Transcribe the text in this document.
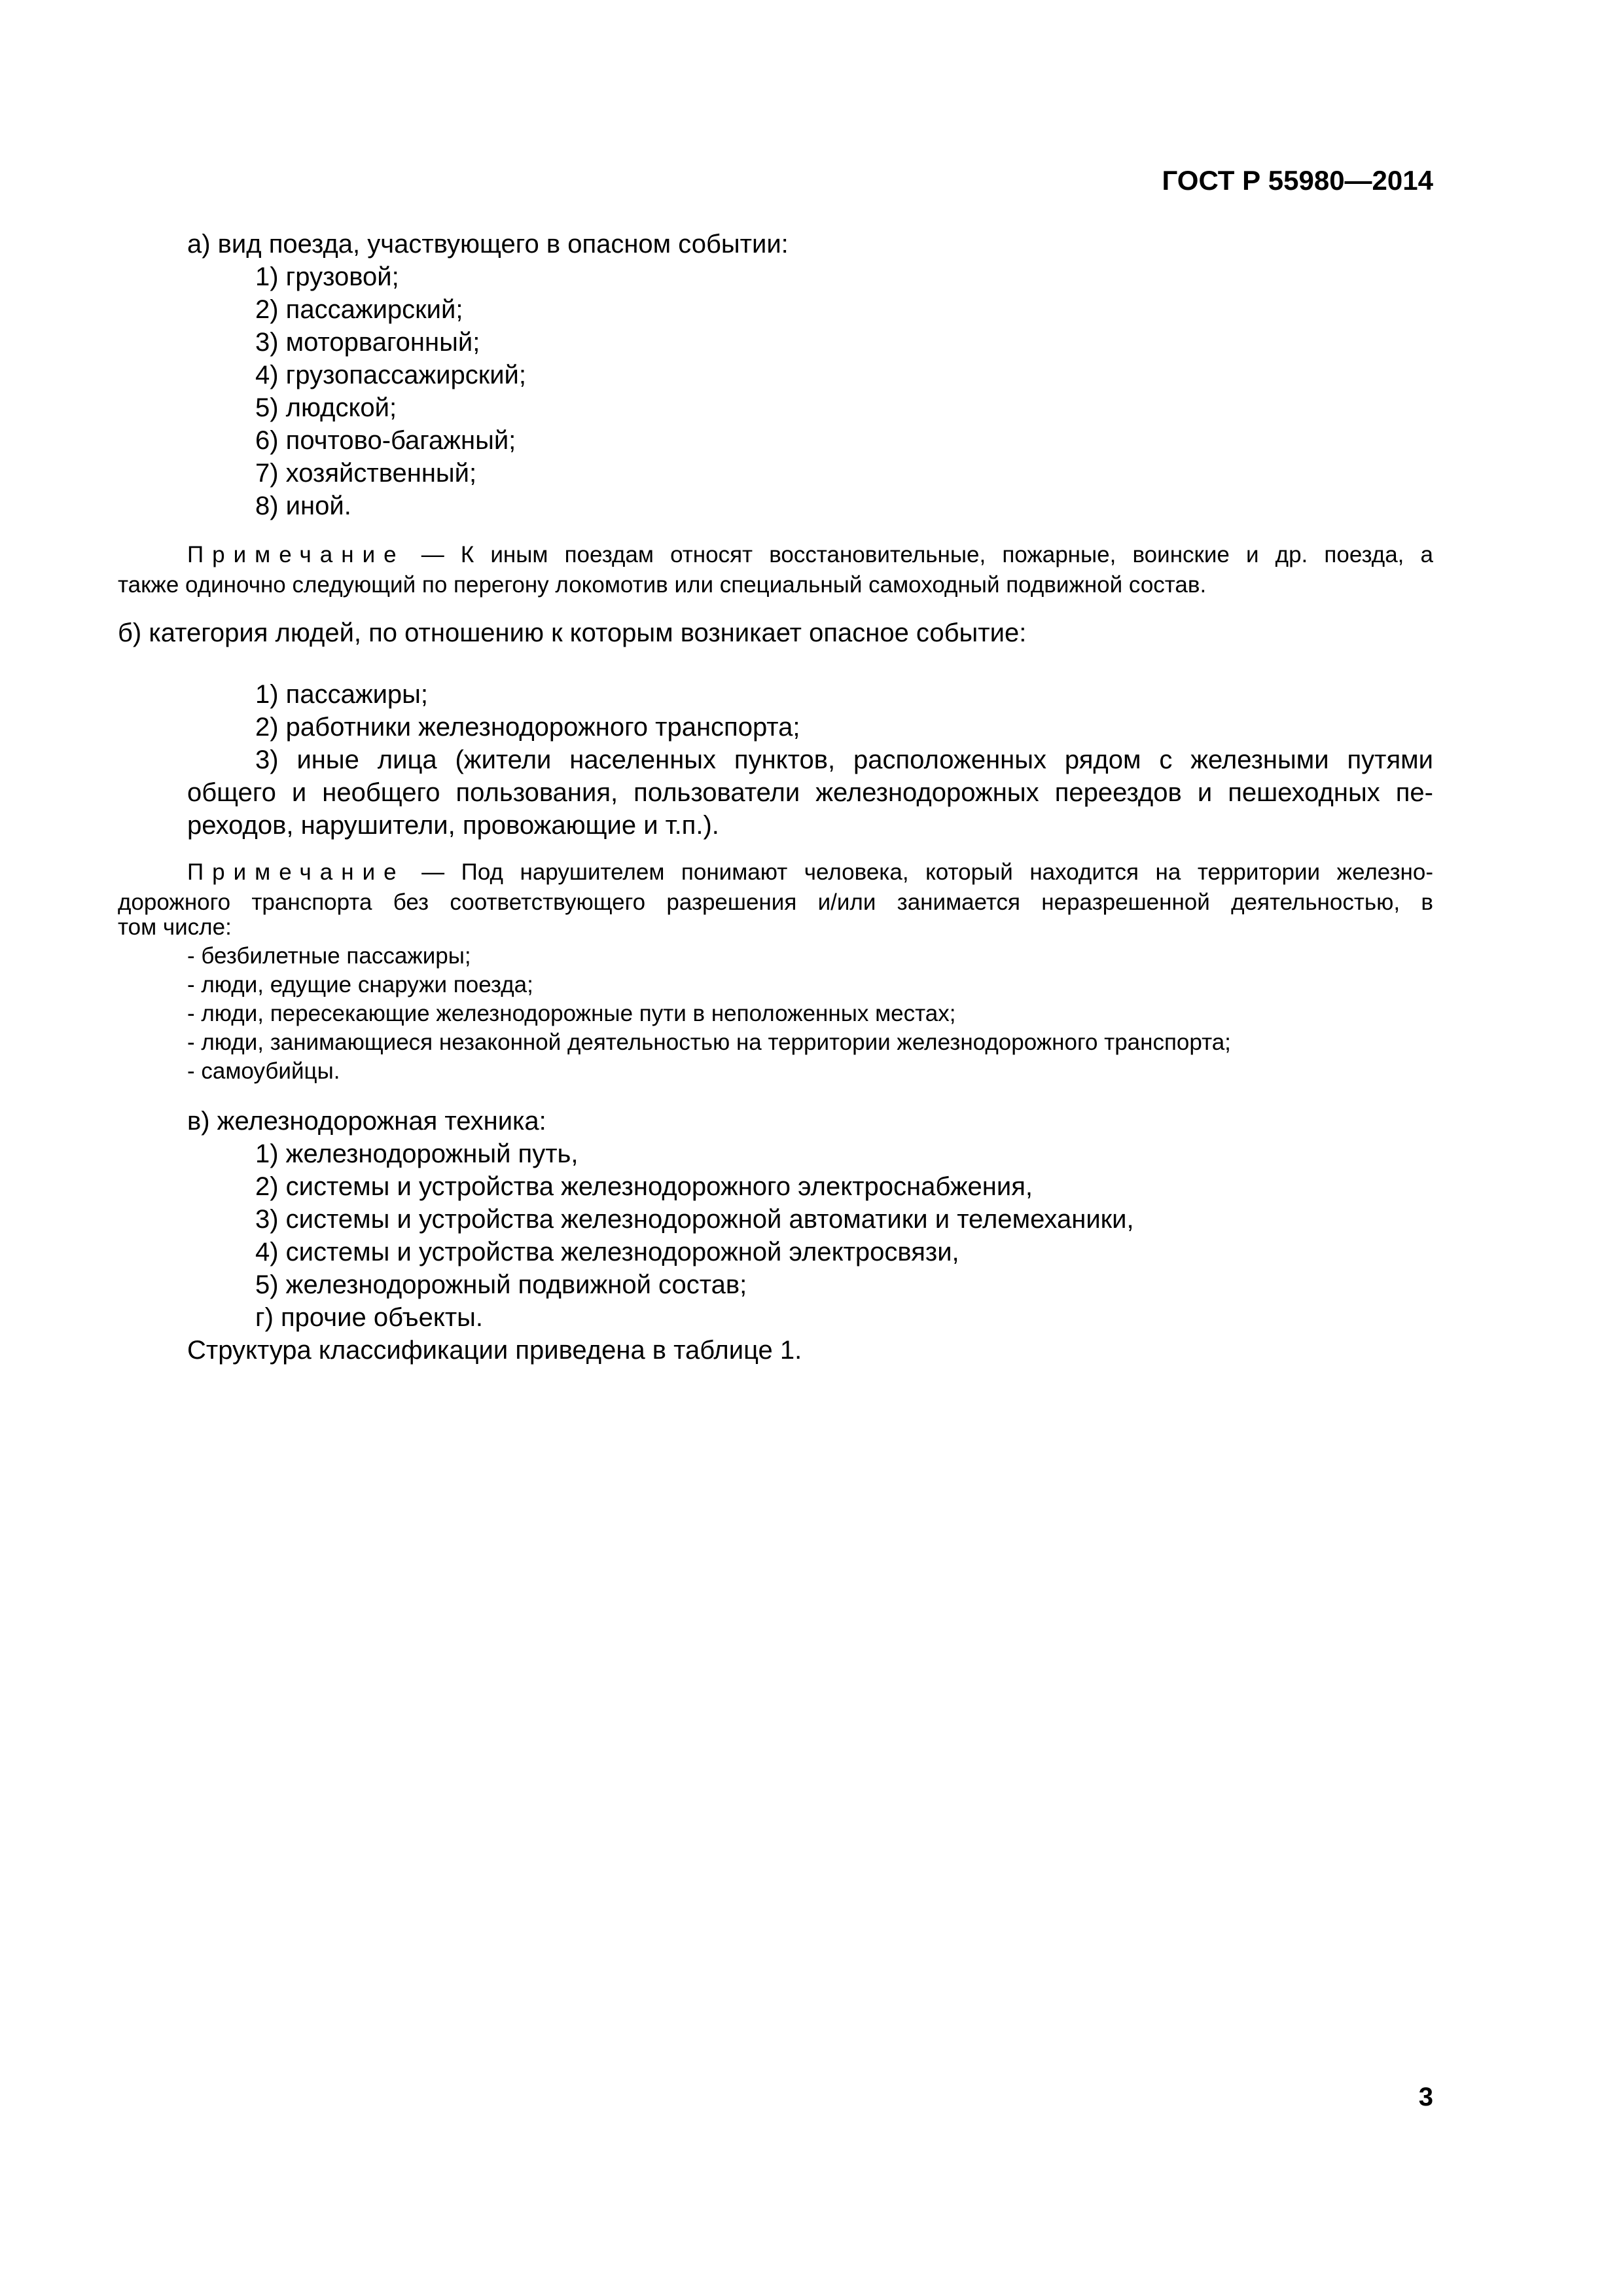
ГОСТ Р 55980—2014
а) вид поезда, участвующего в опасном событии:
1) грузовой;
2) пассажирский;
3) моторвагонный;
4) грузопассажирский;
5) людской;
6) почтово-багажный;
7) хозяйственный;
8) иной.
Примечание — К иным поездам относят восстановительные, пожарные, воинские и др. поезда, а
также одиночно следующий по перегону локомотив или специальный самоходный подвижной состав.
б) категория людей, по отношению к которым возникает опасное событие:
1) пассажиры;
2) работники железнодорожного транспорта;
3) иные лица (жители населенных пунктов, расположенных рядом с железными путями
общего и необщего пользования, пользователи железнодорожных переездов и пешеходных пе-
реходов, нарушители, провожающие и т.п.).
Примечание — Под нарушителем понимают человека, который находится на территории железно-
дорожного транспорта без соответствующего разрешения и/или занимается неразрешенной деятельностью, в
том числе:
- безбилетные пассажиры;
- люди, едущие снаружи поезда;
- люди, пересекающие железнодорожные пути в неположенных местах;
- люди, занимающиеся незаконной деятельностью на территории железнодорожного транспорта;
- самоубийцы.
в) железнодорожная техника:
1) железнодорожный путь,
2) системы и устройства железнодорожного электроснабжения,
3) системы и устройства железнодорожной автоматики и телемеханики,
4) системы и устройства железнодорожной электросвязи,
5) железнодорожный подвижной состав;
г) прочие объекты.
Структура классификации приведена в таблице 1.
3
